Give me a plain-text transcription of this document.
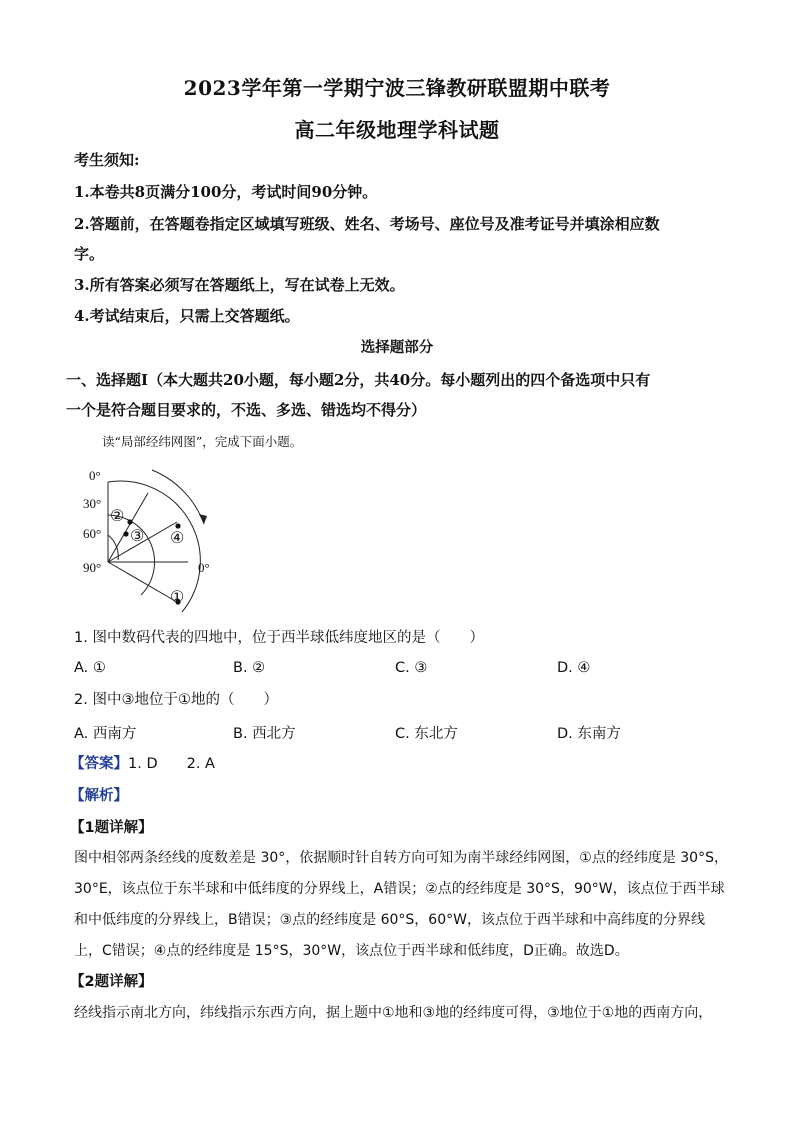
2023学年第一学期宁波三锋教研联盟期中联考
高二年级地理学科试题
考生须知:
1.本卷共8页满分100分，考试时间90分钟。
2.答题前，在答题卷指定区域填写班级、姓名、考场号、座位号及准考证号并填涂相应数
字。
3.所有答案必须写在答题纸上，写在试卷上无效。
4.考试结束后，只需上交答题纸。
选择题部分
一、选择题Ⅰ（本大题共20小题，每小题2分，共40分。每小题列出的四个备选项中只有
一个是符合题目要求的，不选、多选、错选均不得分）
读“局部经纬网图”，完成下面小题。
0°
30°
60°
90°	0°
②
③ ④
①
1. 图中数码代表的四地中，位于西半球低纬度地区的是（　　）
A. ①	B. ②	C. ③	D. ④
2. 图中③地位于①地的（　　）
A. 西南方	B. 西北方	C. 东北方	D. 东南方
【答案】1. D　　2. A
【解析】
【1题详解】
图中相邻两条经线的度数差是 30°，依据顺时针自转方向可知为南半球经纬网图，①点的经纬度是 30°S，
30°E，该点位于东半球和中低纬度的分界线上，A错误；②点的经纬度是 30°S，90°W，该点位于西半球
和中低纬度的分界线上，B错误；③点的经纬度是 60°S，60°W，该点位于西半球和中高纬度的分界线
上，C错误；④点的经纬度是 15°S，30°W，该点位于西半球和低纬度，D正确。故选D。
【2题详解】
经线指示南北方向，纬线指示东西方向，据上题中①地和③地的经纬度可得，③地位于①地的西南方向，
